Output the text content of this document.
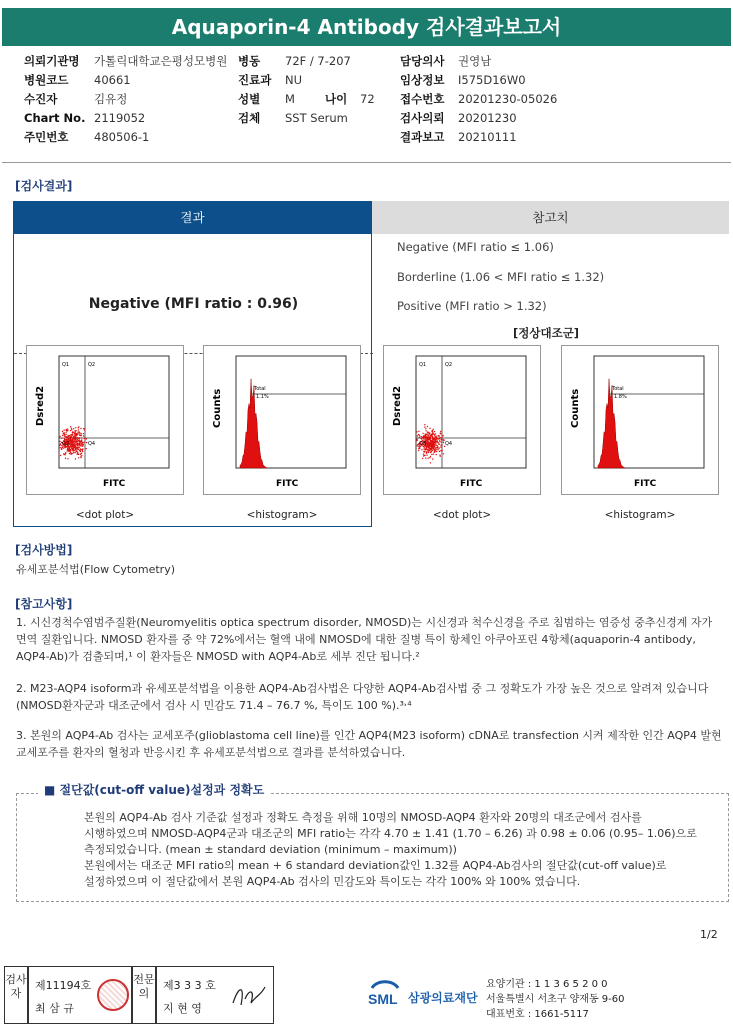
Aquaporin-4 Antibody 검사결과보고서
의뢰기관명 가톨릭대학교은평성모병원 병동 72F / 7-207	담당의사 권영남
병원코드 40661	진료과 NU	임상정보 I575D16W0
수진자	김유정	성별 M	나이 72 접수번호 20201230-05026
Chart No. 2119052	검체 SST Serum	검사의뢰 20201230
주민번호 480506-1	결과보고 20210111
[검사결과]
결과	참고치
Negative (MFI ratio : 0.96)
Negative (MFI ratio ≤ 1.06)
Borderline (1.06 < MFI ratio ≤ 1.32)
Positive (MFI ratio > 1.32)
[정상대조군]
Q1	Q2
Q3	Q4
Dsred2
FITC
Total
1.1%
Counts
FITC
Q1	Q2
Q3	Q4
Dsred2
FITC
Total
1.8%
Counts
FITC
<dot plot>	<histogram>	<dot plot>	<histogram>
[검사방법]
유세포분석법(Flow Cytometry)
[참고사항]
1. 시신경척수염범주질환(Neuromyelitis optica spectrum disorder, NMOSD)는 시신경과 척수신경을 주로 침범하는 염증성 중추신경계 자가면역 질환입니다. NMOSD 환자를 중 약 72%에서는 혈액 내에 NMOSD에 대한 질병 특이 항체인 아쿠아포린 4항체(aquaporin-4 antibody, AQP4-Ab)가 검출되며,¹ 이 환자들은 NMOSD with AQP4-Ab로 세부 진단 됩니다.²
2. M23-AQP4 isoform과 유세포분석법을 이용한 AQP4-Ab검사법은 다양한 AQP4-Ab검사법 중 그 정확도가 가장 높은 것으로 알려져 있습니다(NMOSD환자군과 대조군에서 검사 시 민감도 71.4 – 76.7 %, 특이도 100 %).³˒⁴
3. 본원의 AQP4-Ab 검사는 교세포주(glioblastoma cell line)를 인간 AQP4(M23 isoform) cDNA로 transfection 시켜 제작한 인간 AQP4 발현 교세포주를 환자의 혈청과 반응시킨 후 유세포분석법으로 결과를 분석하였습니다.
■ 절단값(cut-off value)설정과 정확도
본원의 AQP4-Ab 검사 기준값 설정과 정확도 측정을 위해 10명의 NMOSD-AQP4 환자와 20명의 대조군에서 검사를
시행하였으며 NMOSD-AQP4군과 대조군의 MFI ratio는 각각 4.70 ± 1.41 (1.70 – 6.26) 과 0.98 ± 0.06 (0.95– 1.06)으로
측정되었습니다. (mean ± standard deviation (minimum – maximum))
본원에서는 대조군 MFI ratio의 mean + 6 standard deviation값인 1.32를 AQP4-Ab검사의 절단값(cut-off value)로
설정하였으며 이 절단값에서 본원 AQP4-Ab 검사의 민감도와 특이도는 각각 100% 와 100% 였습니다.
1/2
검사자
제11194호
최 삼 규
전문의
제3 3 3 호
지 현 영
SML 삼광의료재단
요양기관 : 1 1 3 6 5 2 0 0
서울특별시 서초구 양재동 9-60
대표번호 : 1661-5117
